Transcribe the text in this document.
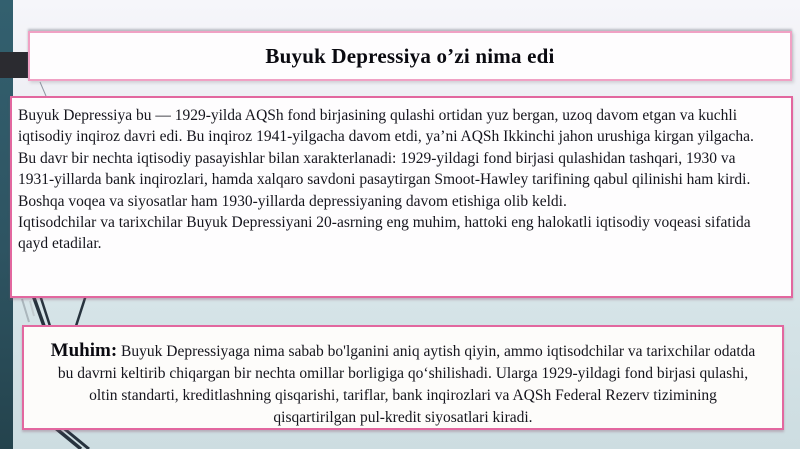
Buyuk Depressiya o’zi nima edi

Buyuk Depressiya bu — 1929-yilda AQSh fond birjasining qulashi ortidan yuz bergan, uzoq davom etgan va kuchli iqtisodiy inqiroz davri edi. Bu inqiroz 1941-yilgacha davom etdi, ya’ni AQSh Ikkinchi jahon urushiga kirgan yilgacha.

Bu davr bir nechta iqtisodiy pasayishlar bilan xarakterlanadi: 1929-yildagi fond birjasi qulashidan tashqari, 1930 va 1931-yillarda bank inqirozlari, hamda xalqaro savdoni pasaytirgan Smoot-Hawley tarifining qabul qilinishi ham kirdi. Boshqa voqea va siyosatlar ham 1930-yillarda depressiyaning davom etishiga olib keldi.

Iqtisodchilar va tarixchilar Buyuk Depressiyani 20-asrning eng muhim, hattoki eng halokatli iqtisodiy voqeasi sifatida qayd etadilar.

Muhim: Buyuk Depressiyaga nima sabab bo'lganini aniq aytish qiyin, ammo iqtisodchilar va tarixchilar odatda bu davrni keltirib chiqargan bir nechta omillar borligiga qo‘shilishadi. Ularga 1929-yildagi fond birjasi qulashi, oltin standarti, kreditlashning qisqarishi, tariflar, bank inqirozlari va AQSh Federal Rezerv tizimining qisqartirilgan pul-kredit siyosatlari kiradi.
